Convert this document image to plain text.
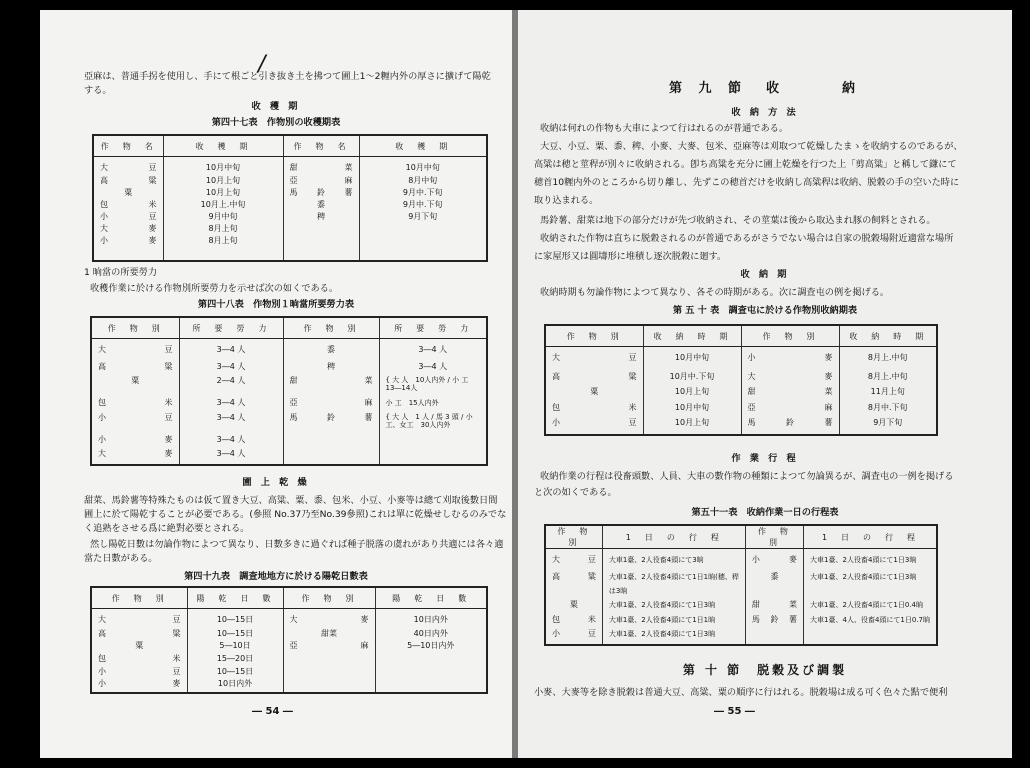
/
亞麻は、普通手拐を使用し、手にて根ごと引き抜き土を拂つて圃上1～2糎内外の厚さに擴げて陽乾
する。
收 穫 期
第四十七表　作物別の收穫期表
作　物　名	收　穫　期	作　物　名	收　穫　期
大豆	10月中旬	甜菜	10月中旬
高粱	10月上旬	亞麻	8月中旬
粟	10月上旬	馬鈴薯	9月中.下旬
包米	10月上.中旬	黍	9月中.下旬
小豆	9月中旬	稗	9月下旬
大麥	8月上旬		
小麥	8月上旬		

1 晌當の所要勞力
收穫作業に於ける作物別所要勞力を示せば次の如くである。
第四十八表　作物別１晌當所要勞力表
作　物　別	所　要　勞　力	作　物　別	所　要　勞　力
大豆	3―4 人	黍	3―4 人
高粱	3―4 人	稗	3―4 人
粟	2―4 人	甜菜	{ 大 人　10人内外 / 小 工　13―14人
包米	3―4 人	亞麻	小 工　15人内外
小豆	3―4 人	馬鈴薯	{ 大 人　1 人 / 馬 3 頭 / 小工、女工　30人内外
小麥	3―4 人		
大麥	3―4 人		
圃 上 乾 燥
甜菜、馬鈴薯等特殊たものは仮て置き大豆、高粱、粟、黍、包米、小豆、小麥等は總て刈取後數日間
圃上に於て陽乾することが必要である。(參照 No.37乃至No.39參照)これは單に乾燥せしむるのみでな
く追熟をさせる爲に絶對必要とされる。
然し陽乾日數は勿論作物によつて異なり、日數多きに過ぐれば種子脱落の虞れがあり共適には各々適
當た日數がある。
第四十九表　調査地地方に於ける陽乾日數表
作　物　別	陽　乾　日　數	作　物　別	陽　乾　日　數
大豆	10―15日	大麥	10日内外
高粱	10―15日	甜菜	40日内外
粟	5―10日	亞麻	5―10日内外
包米	15―20日		
小豆	10―15日		
小麥	10日内外		
― 54 ―
第 九 節　收　　　納
收 納 方 法
收納は何れの作物も大車によつて行はれるのが普通である。
大豆、小豆、粟、黍、稗、小麥、大麥、包米、亞麻等は刈取つて乾燥したまゝを收納するのであるが、
高粱は穂と莖稈が別々に收納される。卽ち高粱を充分に圃上乾燥を行つた上「剪高粱」と稱して鎌にて
穂首10糎内外のところから切り離し、先ずこの穂首だけを收納し高粱稈は收納、脱穀の手の空いた時に
取り込まれる。
馬鈴薯、甜菜は地下の部分だけが先づ收納され、その莖葉は後から取込まれ豚の飼料とされる。
收納された作物は直ちに脱穀されるのが普通であるがさうでない場合は自家の脱穀場附近適當な場所
に家屋形又は圓壔形に堆積し逐次脱穀に廻す。
收 納 期
收納時期も勿論作物によつて異なり、各その時期がある。次に調査屯の例を掲げる。
第 五 十 表　調査屯に於ける作物別收納期表
作　物　別	收　納　時　期	作　物　別	收　納　時　期
大豆	10月中旬	小麥	8月上.中旬
高粱	10月中.下旬	大麥	8月上.中旬
粟	10月上旬	甜菜	11月上旬
包米	10月中旬	亞麻	8月中.下旬
小豆	10月上旬	馬鈴薯	9月下旬
作 業 行 程
收納作業の行程は役畜頭數、人員、大車の數作物の種類によつて勿論異るが、調査屯の一例を掲げる
と次の如くである。
第五十一表　收納作業一日の行程表
作　物　別	1　日　の　行　程	作　物　別	1　日　の　行　程
大豆	大車1臺、2人役畜4頭にて3晌	小麥	大車1臺、2人役畜4頭にて1日3晌
高粱	大車1臺、2人役畜4頭にて1日1晌(穂、稈	黍	大車1臺、2人役畜4頭にて1日3晌
	は3晌		
粟	大車1臺、2人役畜4頭にて1日3晌	甜菜	大車1臺、2人役畜4頭にて1日0.4晌
包米	大車1臺、2人役畜4頭にて1日1晌	馬鈴薯	大車1臺、4人、役畜4頭にて1日0.7晌
小豆	大車1臺、2人役畜4頭にて1日3晌		
第 十 節　脱穀及び調製
小麥、大麥等を除き脱穀は普通大豆、高粱、粟の順序に行はれる。脱穀場は成る可く色々た點で便利
― 55 ―
